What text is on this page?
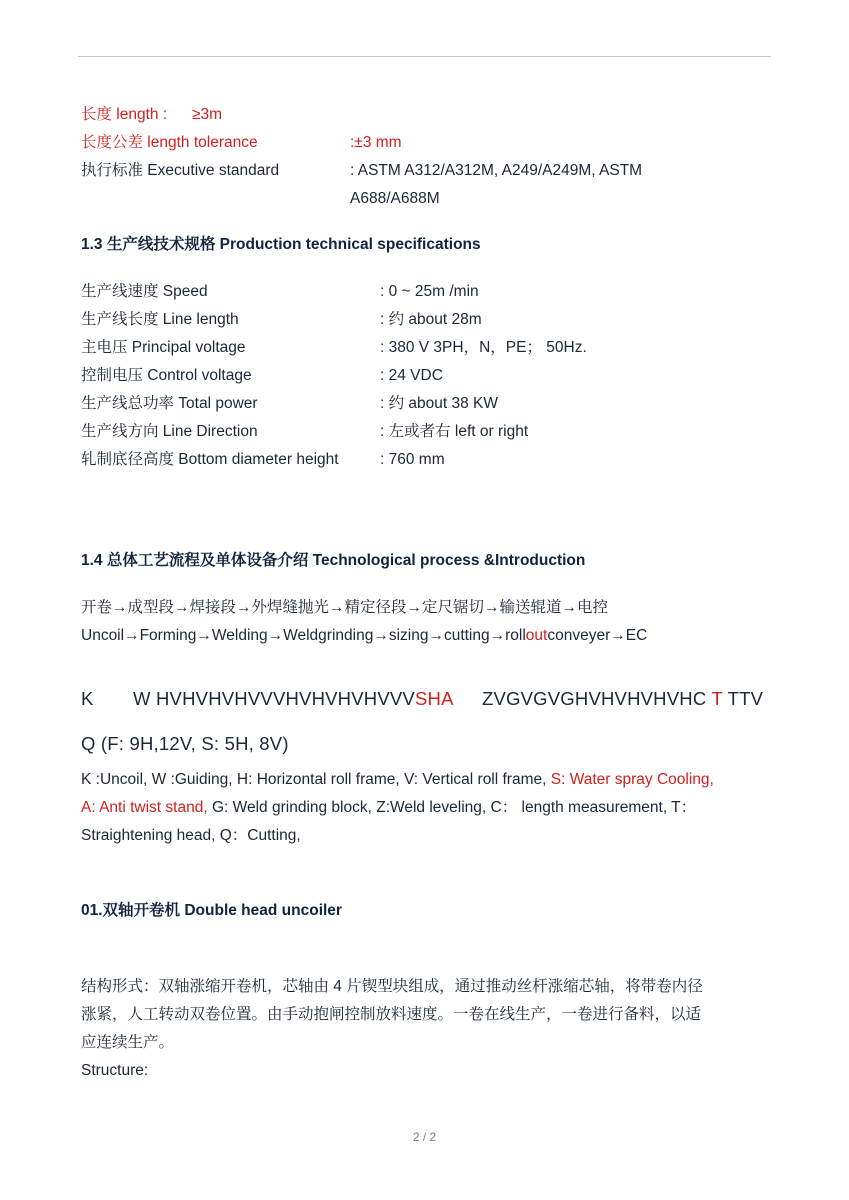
长度 length : ≥3m
长度公差 length tolerance	:±3 mm
执行标准 Executive standard	: ASTM A312/A312M, A249/A249M, ASTM
A688/A688M
1.3 生产线技术规格 Production technical specifications
生产线速度 Speed	: 0 ~ 25m /min
生产线长度 Line length	: 约 about 28m
主电压 Principal voltage	: 380 V 3PH，N，PE； 50Hz.
控制电压 Control voltage	: 24 VDC
生产线总功率 Total power	: 约 about 38 KW
生产线方向 Line Direction	: 左或者右 left or right
轧制底径高度 Bottom diameter height	: 760 mm
1.4 总体工艺流程及单体设备介绍 Technological process &Introduction
开卷→成型段→焊接段→外焊缝抛光→精定径段→定尺锯切→输送辊道→电控
Uncoil→Forming→Welding→Weldgrinding→sizing→cutting→rolloutconveyer→EC
K W HVHVHVHVVVHVHVHVHVVVSHA ZVGVGVGHVHVHVHVHC T TTV
Q (F: 9H,12V, S: 5H, 8V)
K :Uncoil, W :Guiding, H: Horizontal roll frame, V: Vertical roll frame, S: Water spray Cooling,
A: Anti twist stand, G: Weld grinding block, Z:Weld leveling, C： length measurement, T：
Straightening head, Q：Cutting,
01.双轴开卷机 Double head uncoiler
结构形式：双轴涨缩开卷机，芯轴由 4 片锲型块组成，通过推动丝杆涨缩芯轴，将带卷内径
涨紧，人工转动双卷位置。由手动抱闸控制放料速度。一卷在线生产，一卷进行备料，以适
应连续生产。
Structure:
2 / 2
